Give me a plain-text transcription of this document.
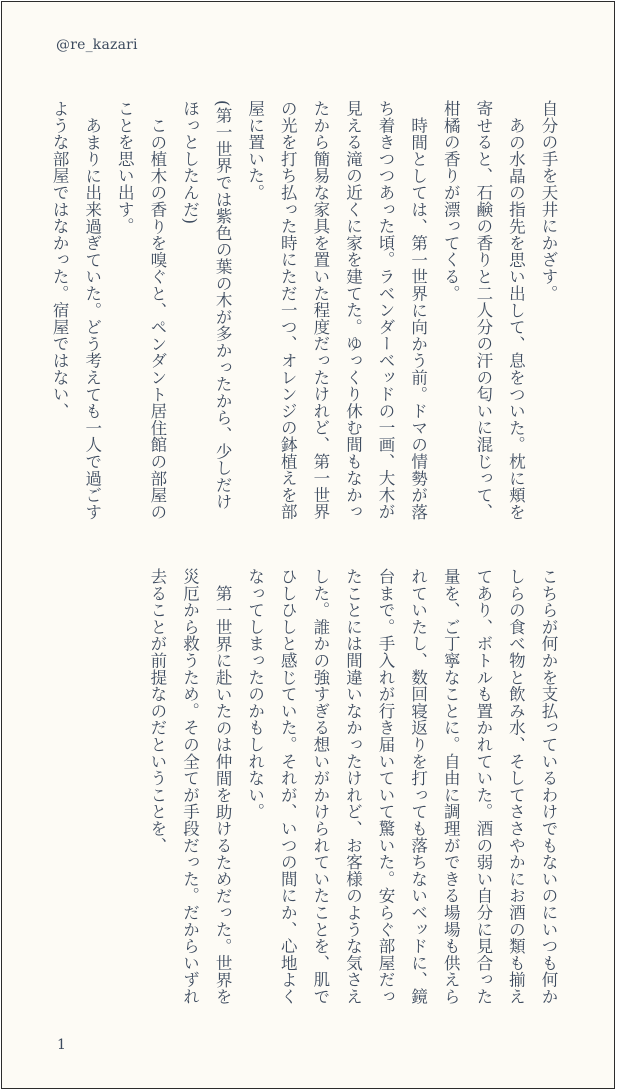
@re_kazari

自分の手を天井にかざす。

あの水晶の指先を思い出して、息をついた。枕に頬を寄せると、石鹸の香りと二人分の汗の匂いに混じって、柑橘の香りが漂ってくる。

時間としては、第一世界に向かう前。ドマの情勢が落ち着きつつあった頃。ラベンダーベッドの一画、大木が見える滝の近くに家を建てた。ゆっくり休む間もなかったから簡易な家具を置いた程度だったけれど、第一世界の光を打ち払った時にただ一つ、オレンジの鉢植えを部屋に置いた。

(第一世界では紫色の葉の木が多かったから、少しだけほっとしたんだ)

この植木の香りを嗅ぐと、ペンダント居住館の部屋のことを思い出す。

あまりに出来過ぎていた。どう考えても一人で過ごすような部屋ではなかった。宿屋ではない、

こちらが何かを支払っているわけでもないのにいつも何かしらの食べ物と飲み水、そしてささやかにお酒の類も揃えてあり、ボトルも置かれていた。酒の弱い自分に見合った量を、ご丁寧なことに。自由に調理ができる場場も供えられていたし、数回寝返りを打っても落ちないベッドに、鏡台まで。手入れが行き届いていて驚いた。安らぐ部屋だったことには間違いなかったけれど、お客様のような気さえした。誰かの強すぎる想いがかけられていたことを、肌でひしひしと感じていた。それが、いつの間にか、心地よくなってしまったのかもしれない。

第一世界に赴いたのは仲間を助けるためだった。世界を災厄から救うため。その全てが手段だった。だからいずれ去ることが前提なのだということを、

1
